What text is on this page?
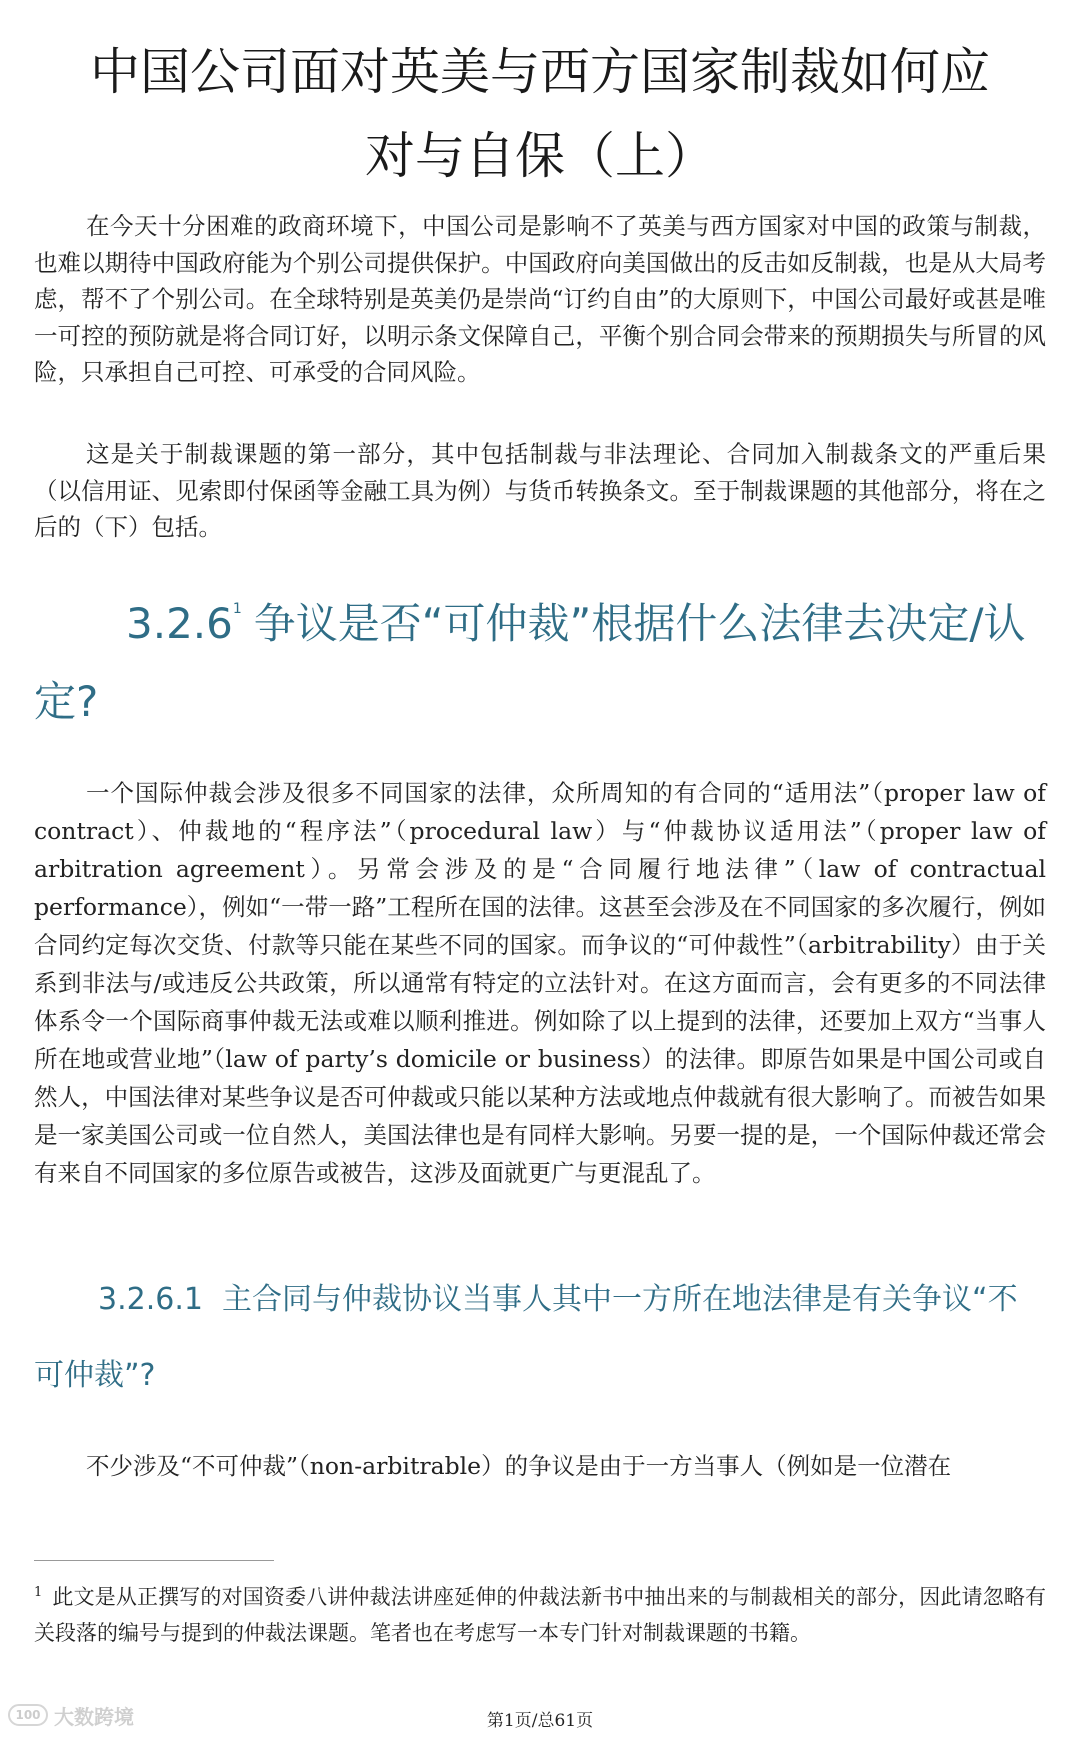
中国公司面对英美与西方国家制裁如何应
对与自保（上）

在今天十分困难的政商环境下，中国公司是影响不了英美与西方国家对中国的政策与制裁，也难以期待中国政府能为个别公司提供保护。中国政府向美国做出的反击如反制裁，也是从大局考虑，帮不了个别公司。在全球特别是英美仍是崇尚“订约自由”的大原则下，中国公司最好或甚是唯一可控的预防就是将合同订好，以明示条文保障自己，平衡个别合同会带来的预期损失与所冒的风险，只承担自己可控、可承受的合同风险。

这是关于制裁课题的第一部分，其中包括制裁与非法理论、合同加入制裁条文的严重后果（以信用证、见索即付保函等金融工具为例）与货币转换条文。至于制裁课题的其他部分，将在之后的（下）包括。

3.2.6$^1$ 争议是否“可仲裁”根据什么法律去决定/认定?

一个国际仲裁会涉及很多不同国家的法律，众所周知的有合同的“适用法”（proper law of contract）、仲裁地的“程序法”（procedural law）与“仲裁协议适用法”（proper law of arbitration agreement）。另常会涉及的是“合同履行地法律”（law of contractual performance），例如“一带一路”工程所在国的法律。这甚至会涉及在不同国家的多次履行，例如合同约定每次交货、付款等只能在某些不同的国家。而争议的“可仲裁性”（arbitrability）由于关系到非法与/或违反公共政策，所以通常有特定的立法针对。在这方面而言，会有更多的不同法律体系令一个国际商事仲裁无法或难以顺利推进。例如除了以上提到的法律，还要加上双方“当事人所在地或营业地”（law of party’s domicile or business）的法律。即原告如果是中国公司或自然人，中国法律对某些争议是否可仲裁或只能以某种方法或地点仲裁就有很大影响了。而被告如果是一家美国公司或一位自然人，美国法律也是有同样大影响。另要一提的是，一个国际仲裁还常会有来自不同国家的多位原告或被告，这涉及面就更广与更混乱了。

3.2.6.1 主合同与仲裁协议当事人其中一方所在地法律是有关争议“不可仲裁”?

不少涉及“不可仲裁”（non-arbitrable）的争议是由于一方当事人（例如是一位潜在

$^1$ 此文是从正撰写的对国资委八讲仲裁法讲座延伸的仲裁法新书中抽出来的与制裁相关的部分，因此请忽略有关段落的编号与提到的仲裁法课题。笔者也在考虑写一本专门针对制裁课题的书籍。

100 大数跨境	第1页/总61页
